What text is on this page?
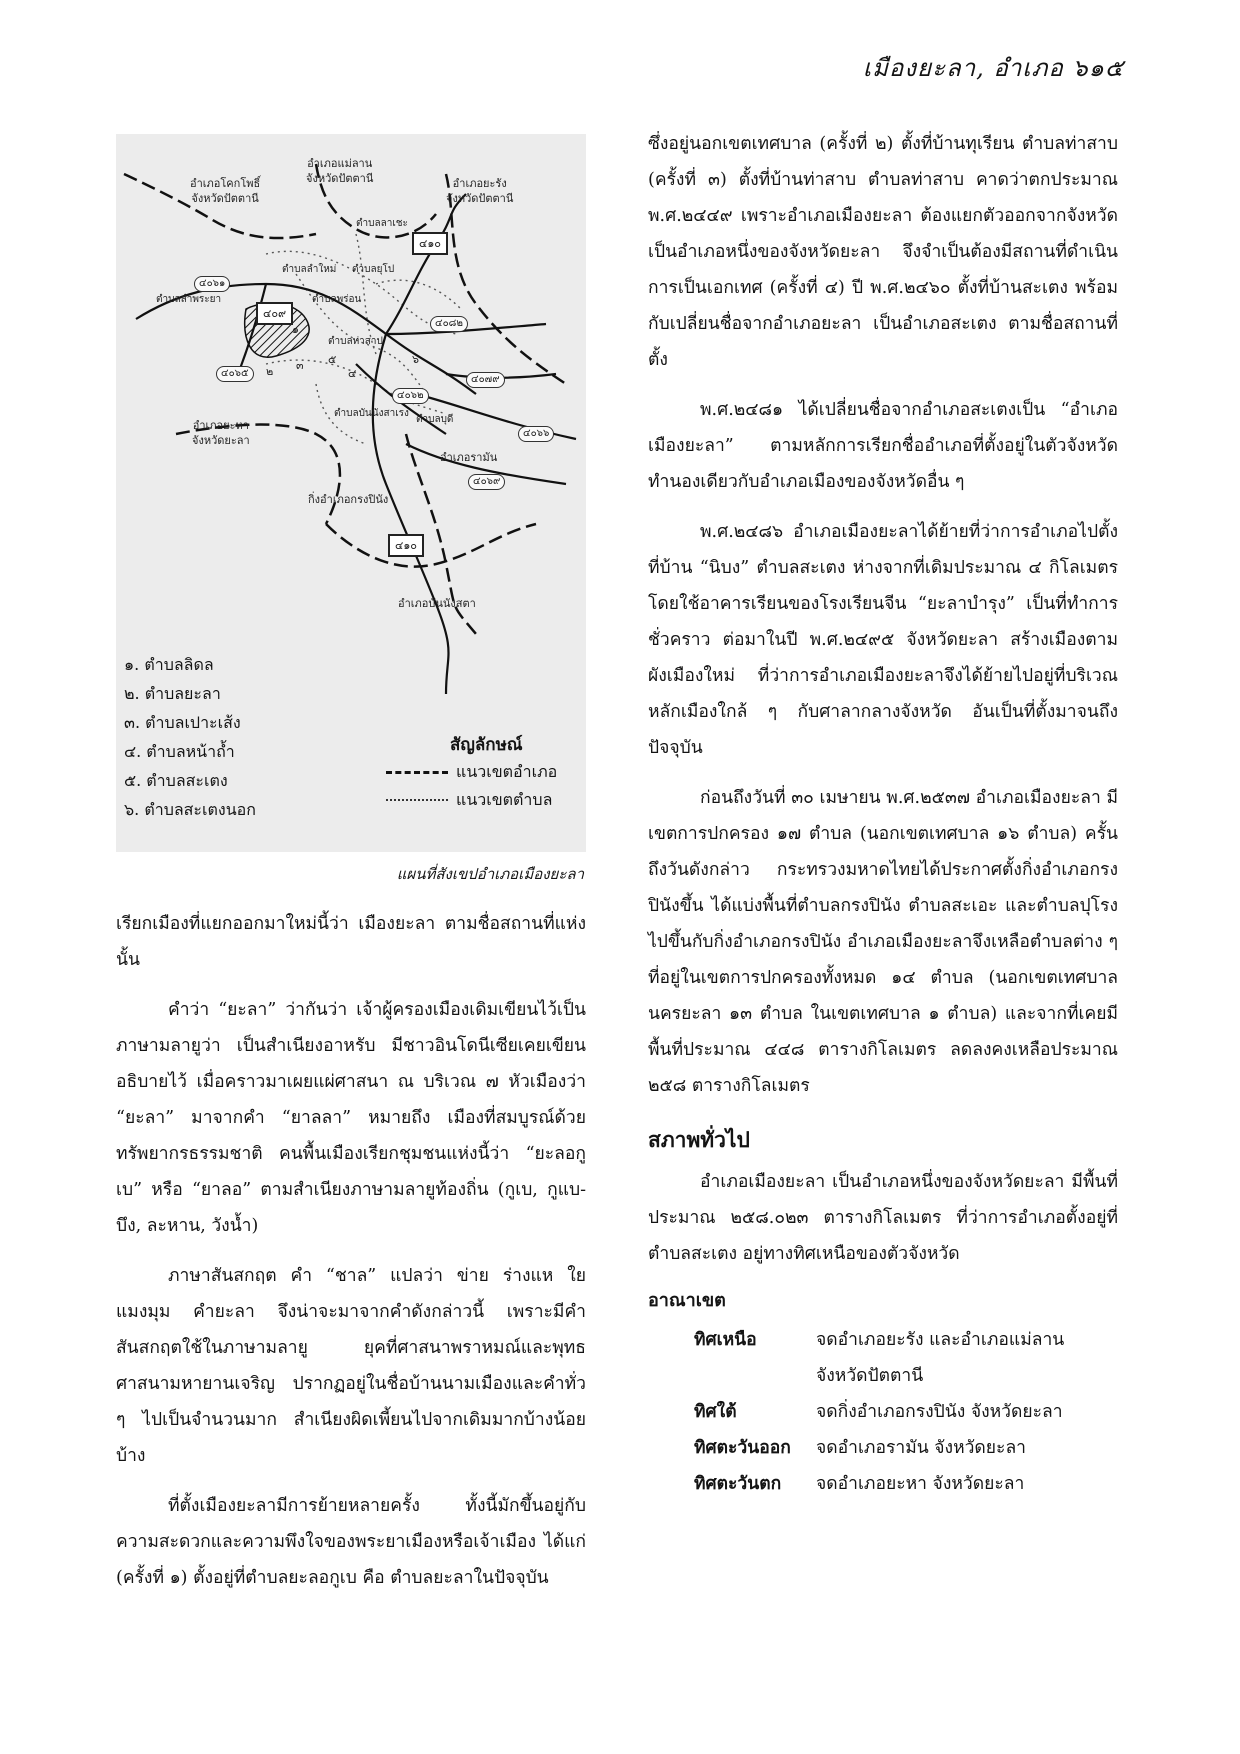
เมืองยะลา, อำเภอ ๖๑๕
อำเภอโคกโพธิ์
จังหวัดปัตตานี
อำเภอแม่ลาน
จังหวัดปัตตานี	อำเภอยะรัง
จังหวัดปัตตานี
อำเภอยะหา
จังหวัดยะลา
อำเภอรามัน
กิ่งอำเภอกรงปินัง
อำเภอบันนังสตา
ตำบลลำพระยา
ตำบลลำใหม่
ตำบลลาเชะ
ตำบลยุโป
ตำบลพร่อน
ตำบลท่าสาป
ตำบลบันนังสาเรง
ตำบลบุดี
๔๐๖๑
๔๐๙
๔๑๐
๔๐๘๒
๔๐๖๕
๔๐๖๒
๔๐๗๙
๔๐๖๖
๔๐๖๙
๔๑๐
๑
๒ ๓
๔
๕	๖
๑. ตำบลลิดล
๒. ตำบลยะลา
๓. ตำบลเปาะเส้ง
๔. ตำบลหน้าถ้ำ
๕. ตำบลสะเตง
๖. ตำบลสะเตงนอก
สัญลักษณ์
แนวเขตอำเภอ
แนวเขตตำบล
แผนที่สังเขปอำเภอเมืองยะลา

เรียกเมืองที่แยกออกมาใหม่นี้ว่า เมืองยะลา ตามชื่อสถานที่แห่งนั้น

คำว่า “ยะลา” ว่ากันว่า เจ้าผู้ครองเมืองเดิมเขียนไว้เป็นภาษามลายูว่า เป็นสำเนียงอาหรับ มีชาวอินโดนีเซียเคยเขียนอธิบายไว้ เมื่อคราวมาเผยแผ่ศาสนา ณ บริเวณ ๗ หัวเมืองว่า “ยะลา” มาจากคำ “ยาลลา” หมายถึง เมืองที่สมบูรณ์ด้วยทรัพยากรธรรมชาติ คนพื้นเมืองเรียกชุมชนแห่งนี้ว่า “ยะลอกูเบ” หรือ “ยาลอ” ตามสำเนียงภาษามลายูท้องถิ่น (กูเบ, กูแบ-บึง, ละหาน, วังน้ำ)

ภาษาสันสกฤต คำ “ชาล” แปลว่า ข่าย ร่างแห ใยแมงมุม คำยะลา จึงน่าจะมาจากคำดังกล่าวนี้ เพราะมีคำสันสกฤตใช้ในภาษามลายู ยุคที่ศาสนาพราหมณ์และพุทธศาสนามหายานเจริญ ปรากฏอยู่ในชื่อบ้านนามเมืองและคำทั่ว ๆ ไปเป็นจำนวนมาก สำเนียงผิดเพี้ยนไปจากเดิมมากบ้างน้อยบ้าง

ที่ตั้งเมืองยะลามีการย้ายหลายครั้ง ทั้งนี้มักขึ้นอยู่กับความสะดวกและความพึงใจของพระยาเมืองหรือเจ้าเมือง ได้แก่ (ครั้งที่ ๑) ตั้งอยู่ที่ตำบลยะลอกูเบ คือ ตำบลยะลาในปัจจุบัน

ซึ่งอยู่นอกเขตเทศบาล (ครั้งที่ ๒) ตั้งที่บ้านทุเรียน ตำบลท่าสาบ (ครั้งที่ ๓) ตั้งที่บ้านท่าสาบ ตำบลท่าสาบ คาดว่าตกประมาณ พ.ศ.๒๔๔๙ เพราะอำเภอเมืองยะลา ต้องแยกตัวออกจากจังหวัด เป็นอำเภอหนึ่งของจังหวัดยะลา จึงจำเป็นต้องมีสถานที่ดำเนินการเป็นเอกเทศ (ครั้งที่ ๔) ปี พ.ศ.๒๔๖๐ ตั้งที่บ้านสะเตง พร้อมกับเปลี่ยนชื่อจากอำเภอยะลา เป็นอำเภอสะเตง ตามชื่อสถานที่ตั้ง

พ.ศ.๒๔๘๑ ได้เปลี่ยนชื่อจากอำเภอสะเตงเป็น “อำเภอเมืองยะลา” ตามหลักการเรียกชื่ออำเภอที่ตั้งอยู่ในตัวจังหวัดทำนองเดียวกับอำเภอเมืองของจังหวัดอื่น ๆ

พ.ศ.๒๔๘๖ อำเภอเมืองยะลาได้ย้ายที่ว่าการอำเภอไปตั้งที่บ้าน “นิบง” ตำบลสะเตง ห่างจากที่เดิมประมาณ ๔ กิโลเมตร โดยใช้อาคารเรียนของโรงเรียนจีน “ยะลาบำรุง” เป็นที่ทำการชั่วคราว ต่อมาในปี พ.ศ.๒๔๙๕ จังหวัดยะลา สร้างเมืองตามผังเมืองใหม่ ที่ว่าการอำเภอเมืองยะลาจึงได้ย้ายไปอยู่ที่บริเวณหลักเมืองใกล้ ๆ กับศาลากลางจังหวัด อันเป็นที่ตั้งมาจนถึงปัจจุบัน

ก่อนถึงวันที่ ๓๐ เมษายน พ.ศ.๒๕๓๗ อำเภอเมืองยะลา มีเขตการปกครอง ๑๗ ตำบล (นอกเขตเทศบาล ๑๖ ตำบล) ครั้นถึงวันดังกล่าว กระทรวงมหาดไทยได้ประกาศตั้งกิ่งอำเภอกรงปินังขึ้น ได้แบ่งพื้นที่ตำบลกรงปินัง ตำบลสะเอะ และตำบลปุโรง ไปขึ้นกับกิ่งอำเภอกรงปินัง อำเภอเมืองยะลาจึงเหลือตำบลต่าง ๆ ที่อยู่ในเขตการปกครองทั้งหมด ๑๔ ตำบล (นอกเขตเทศบาลนครยะลา ๑๓ ตำบล ในเขตเทศบาล ๑ ตำบล) และจากที่เคยมีพื้นที่ประมาณ ๔๔๘ ตารางกิโลเมตร ลดลงคงเหลือประมาณ ๒๕๘ ตารางกิโลเมตร

สภาพทั่วไป

อำเภอเมืองยะลา เป็นอำเภอหนึ่งของจังหวัดยะลา มีพื้นที่ประมาณ ๒๕๘.๐๒๓ ตารางกิโลเมตร ที่ว่าการอำเภอตั้งอยู่ที่ตำบลสะเตง อยู่ทางทิศเหนือของตัวจังหวัด

อาณาเขต
ทิศเหนือ	จดอำเภอยะรัง และอำเภอแม่ลาน จังหวัดปัตตานี
ทิศใต้	จดกิ่งอำเภอกรงปินัง จังหวัดยะลา
ทิศตะวันออก	จดอำเภอรามัน จังหวัดยะลา
ทิศตะวันตก	จดอำเภอยะหา จังหวัดยะลา
